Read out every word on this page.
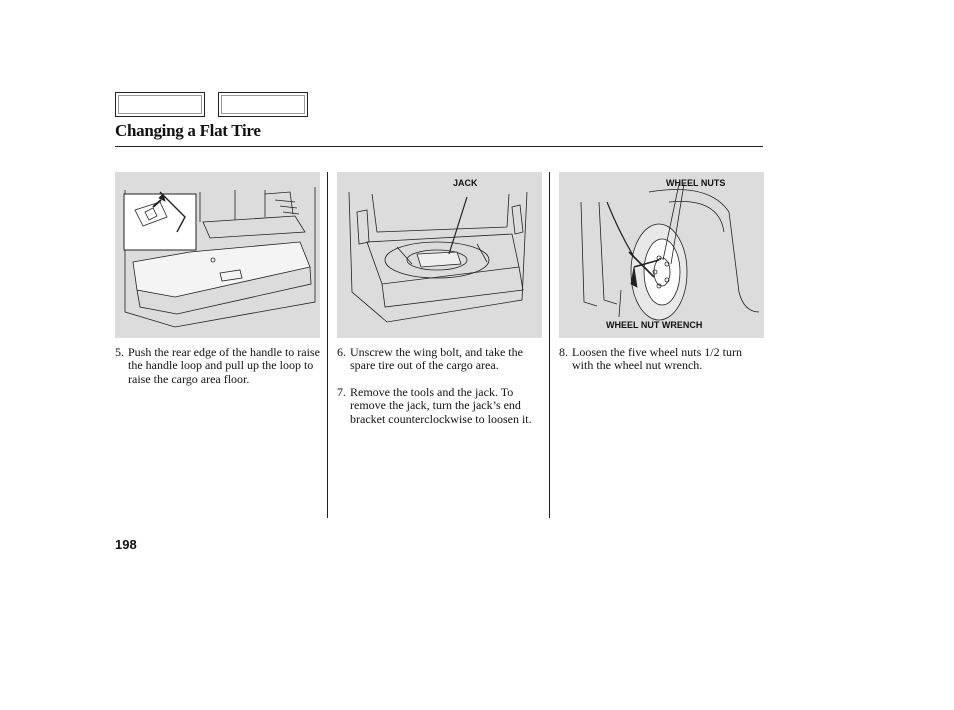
Changing a Flat Tire
JACK	WHEEL NUTS
WHEEL NUT WRENCH

5. Push the rear edge of the handle to raise the handle loop and pull up the loop to raise the cargo area floor.

6. Unscrew the wing bolt, and take the spare tire out of the cargo area.

7. Remove the tools and the jack. To remove the jack, turn the jack’s end bracket counterclockwise to loosen it.

8. Loosen the five wheel nuts 1/2 turn with the wheel nut wrench.

198
